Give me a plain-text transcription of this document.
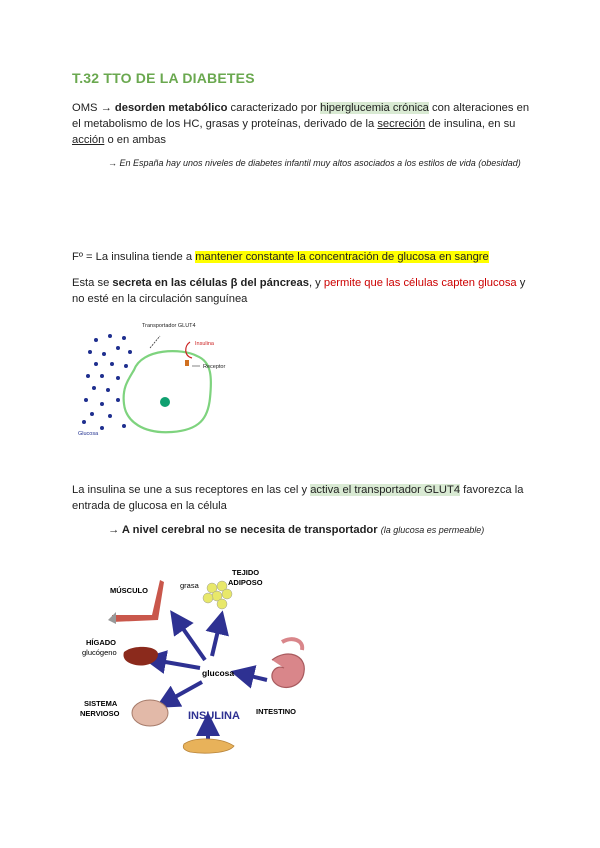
T.32 TTO DE LA DIABETES
OMS → desorden metabólico caracterizado por hiperglucemia crónica con alteraciones en el metabolismo de los HC, grasas y proteínas, derivado de la secreción de insulina, en su acción o en ambas
→ En España hay unos niveles de diabetes infantil muy altos asociados a los estilos de vida (obesidad)
Fº = La insulina tiende a mantener constante la concentración de glucosa en sangre
Esta se secreta en las células β del páncreas, y permite que las células capten glucosa y no esté en la circulación sanguínea
Transportador GLUT4
Insulina
Receptor
Glucosa
La insulina se une a sus receptores en las cel y activa el transportador GLUT4 favorezca la entrada de glucosa en la célula
→ A nivel cerebral no se necesita de transportador (la glucosa es permeable)
MÚSCULO
grasa
TEJIDO
ADIPOSO
HÍGADO
glucógeno
SISTEMA
NERVIOSO
glucosa
INTESTINO
INSULINA
